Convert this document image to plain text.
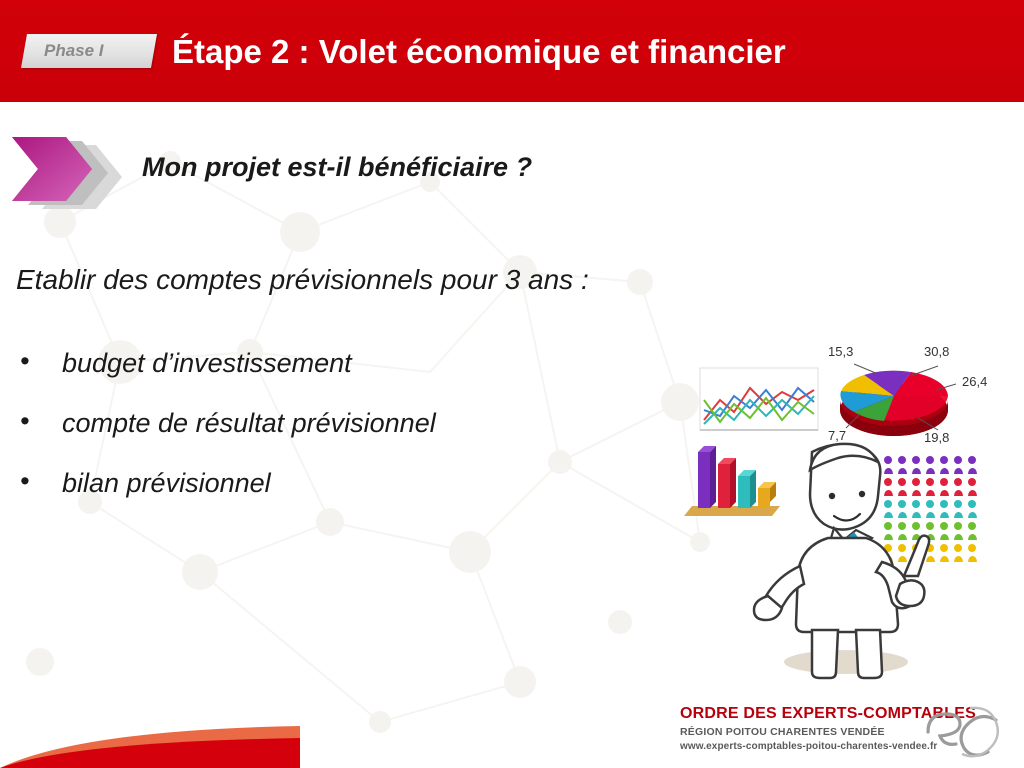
Phase I Étape 2 : Volet économique et financier
Mon projet est-il bénéficiaire ?
Etablir des comptes prévisionnels pour 3 ans :
•	budget d’investissement
•	compte de résultat prévisionnel
•	bilan prévisionnel
15,3	30,8
26,4
19,8
7,7
ORDRE DES EXPERTS-COMPTABLES
RÉGION POITOU CHARENTES VENDÉE
www.experts-comptables-poitou-charentes-vendee.fr
